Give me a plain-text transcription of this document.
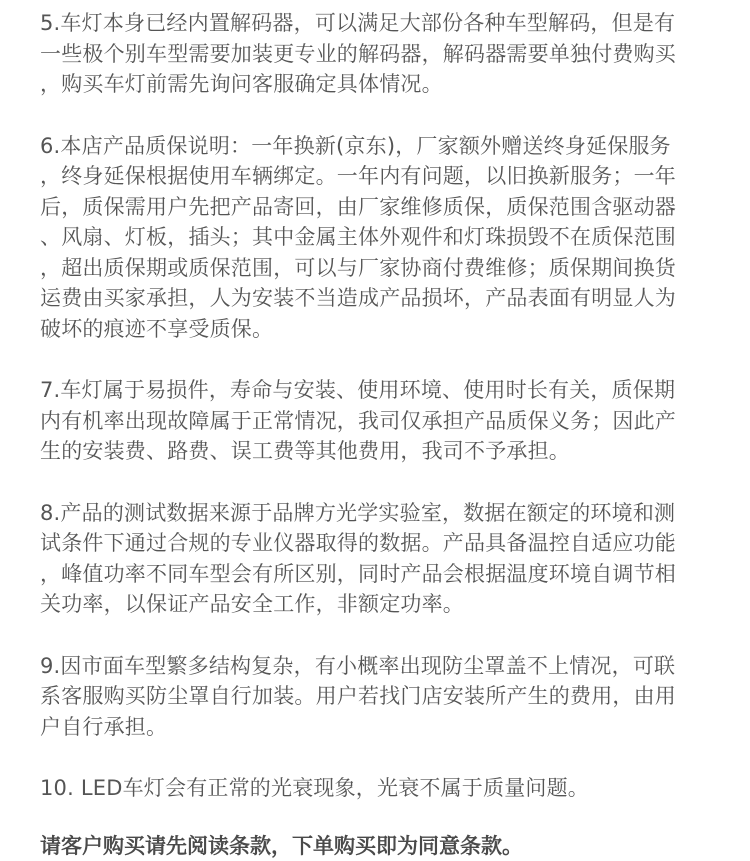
5.车灯本身已经内置解码器，可以满足大部份各种车型解码，但是有
一些极个别车型需要加装更专业的解码器，解码器需要单独付费购买
，购买车灯前需先询问客服确定具体情况。

6.本店产品质保说明：一年换新(京东)，厂家额外赠送终身延保服务
，终身延保根据使用车辆绑定。一年内有问题，以旧换新服务；一年
后，质保需用户先把产品寄回，由厂家维修质保，质保范围含驱动器
、风扇、灯板，插头；其中金属主体外观件和灯珠损毁不在质保范围
，超出质保期或质保范围，可以与厂家协商付费维修；质保期间换货
运费由买家承担，人为安装不当造成产品损坏，产品表面有明显人为
破坏的痕迹不享受质保。

7.车灯属于易损件，寿命与安装、使用环境、使用时长有关，质保期
内有机率出现故障属于正常情况，我司仅承担产品质保义务；因此产
生的安装费、路费、误工费等其他费用，我司不予承担。

8.产品的测试数据来源于品牌方光学实验室，数据在额定的环境和测
试条件下通过合规的专业仪器取得的数据。产品具备温控自适应功能
，峰值功率不同车型会有所区别，同时产品会根据温度环境自调节相
关功率，以保证产品安全工作，非额定功率。

9.因市面车型繁多结构复杂，有小概率出现防尘罩盖不上情况，可联
系客服购买防尘罩自行加装。用户若找门店安装所产生的费用，由用
户自行承担。

10. LED车灯会有正常的光衰现象，光衰不属于质量问题。

请客户购买请先阅读条款，下单购买即为同意条款。
